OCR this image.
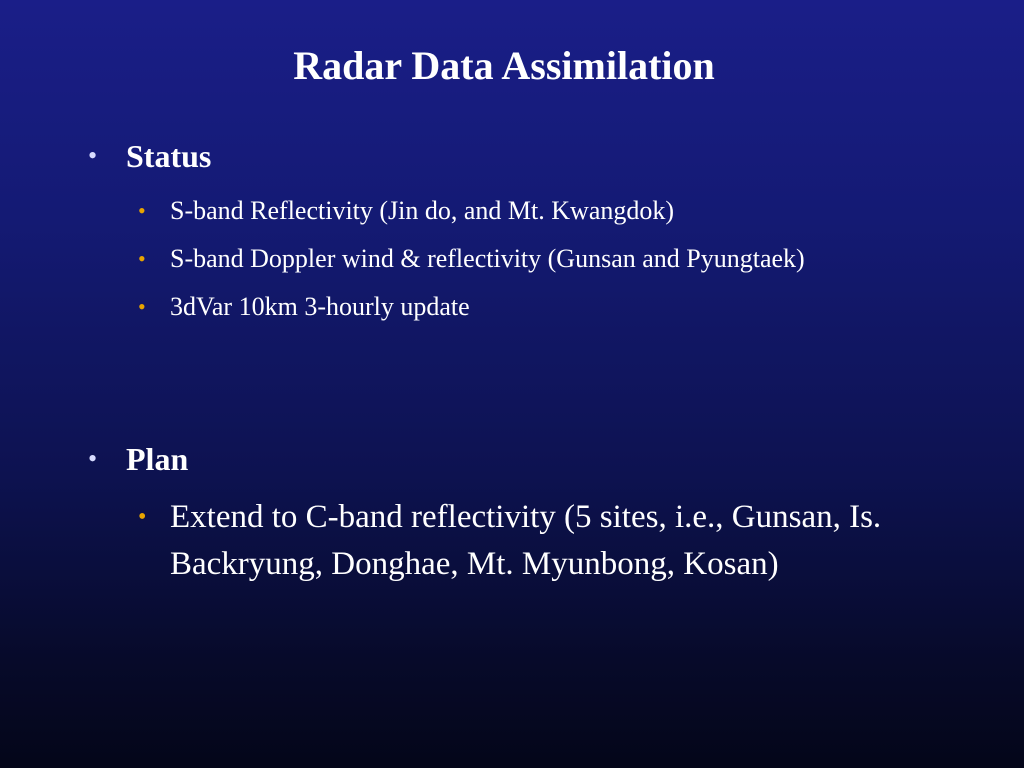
Radar Data Assimilation
• Status
• S-band Reflectivity (Jin do, and Mt. Kwangdok)
• S-band Doppler wind & reflectivity (Gunsan and Pyungtaek)
• 3dVar 10km 3-hourly update
• Plan
• Extend to C-band reflectivity (5 sites, i.e., Gunsan, Is. Backryung, Donghae, Mt. Myunbong, Kosan)
